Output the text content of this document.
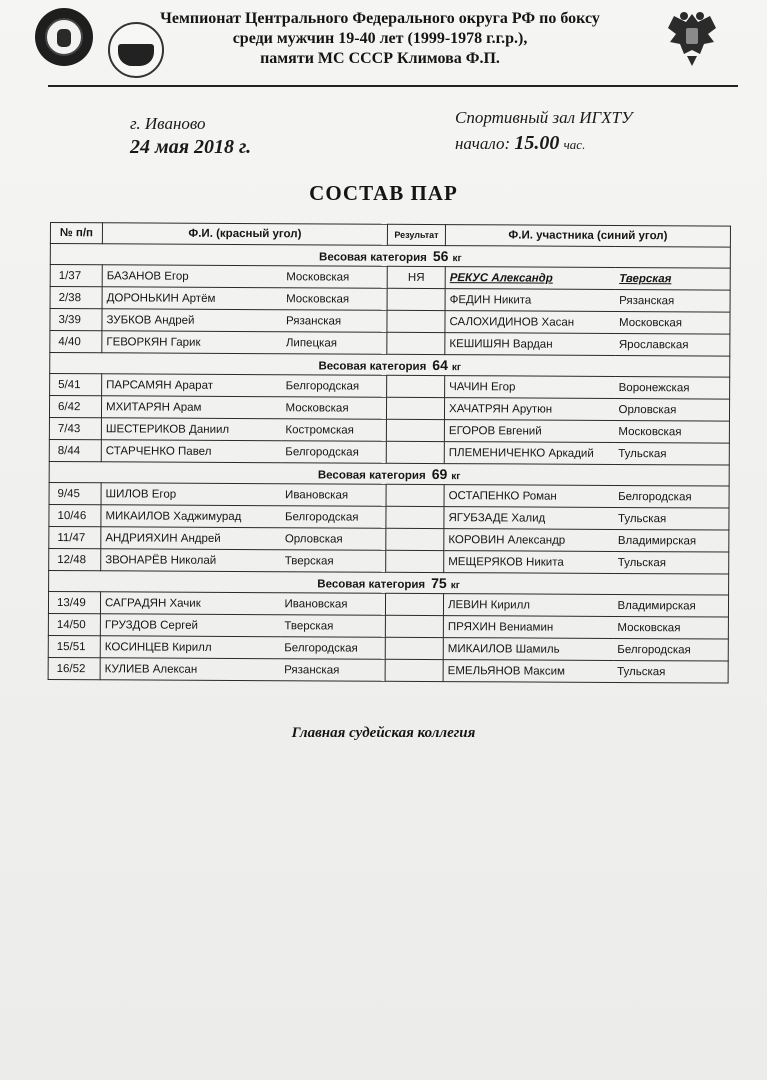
Чемпионат Центрального Федерального округа РФ по боксу
среди мужчин 19-40 лет (1999-1978 г.г.р.),
памяти МС СССР Климова Ф.П.
г. Иваново
24 мая 2018 г.
Спортивный зал ИГХТУ
начало: 15.00 час.
СОСТАВ ПАР
№ п/п	Ф.И. (красный угол)		Результат	Ф.И. участника (синий угол)	
Весовая категория 56 кг					
1/37	БАЗАНОВ Егор	Московская	НЯ	РЕКУС Александр	Тверская
2/38	ДОРОНЬКИН Артём	Московская		ФЕДИН Никита	Рязанская
3/39	ЗУБКОВ Андрей	Рязанская		САЛОХИДИНОВ Хасан	Московская
4/40	ГЕВОРКЯН Гарик	Липецкая		КЕШИШЯН Вардан	Ярославская
Весовая категория 64 кг					
5/41	ПАРСАМЯН Арарат	Белгородская		ЧАЧИН Егор	Воронежская
6/42	МХИТАРЯН Арам	Московская		ХАЧАТРЯН Арутюн	Орловская
7/43	ШЕСТЕРИКОВ Даниил	Костромская		ЕГОРОВ Евгений	Московская
8/44	СТАРЧЕНКО Павел	Белгородская		ПЛЕМЕНИЧЕНКО Аркадий	Тульская
Весовая категория 69 кг					
9/45	ШИЛОВ Егор	Ивановская		ОСТАПЕНКО Роман	Белгородская
10/46	МИКАИЛОВ Хаджимурад	Белгородская		ЯГУБЗАДЕ Халид	Тульская
11/47	АНДРИЯХИН Андрей	Орловская		КОРОВИН Александр	Владимирская
12/48	ЗВОНАРЁВ Николай	Тверская		МЕЩЕРЯКОВ Никита	Тульская
Весовая категория 75 кг					
13/49	САГРАДЯН Хачик	Ивановская		ЛЕВИН Кирилл	Владимирская
14/50	ГРУЗДОВ Сергей	Тверская		ПРЯХИН Вениамин	Московская
15/51	КОСИНЦЕВ Кирилл	Белгородская		МИКАИЛОВ Шамиль	Белгородская
16/52	КУЛИЕВ Алексан	Рязанская		ЕМЕЛЬЯНОВ Максим	Тульская
Главная судейская коллегия
